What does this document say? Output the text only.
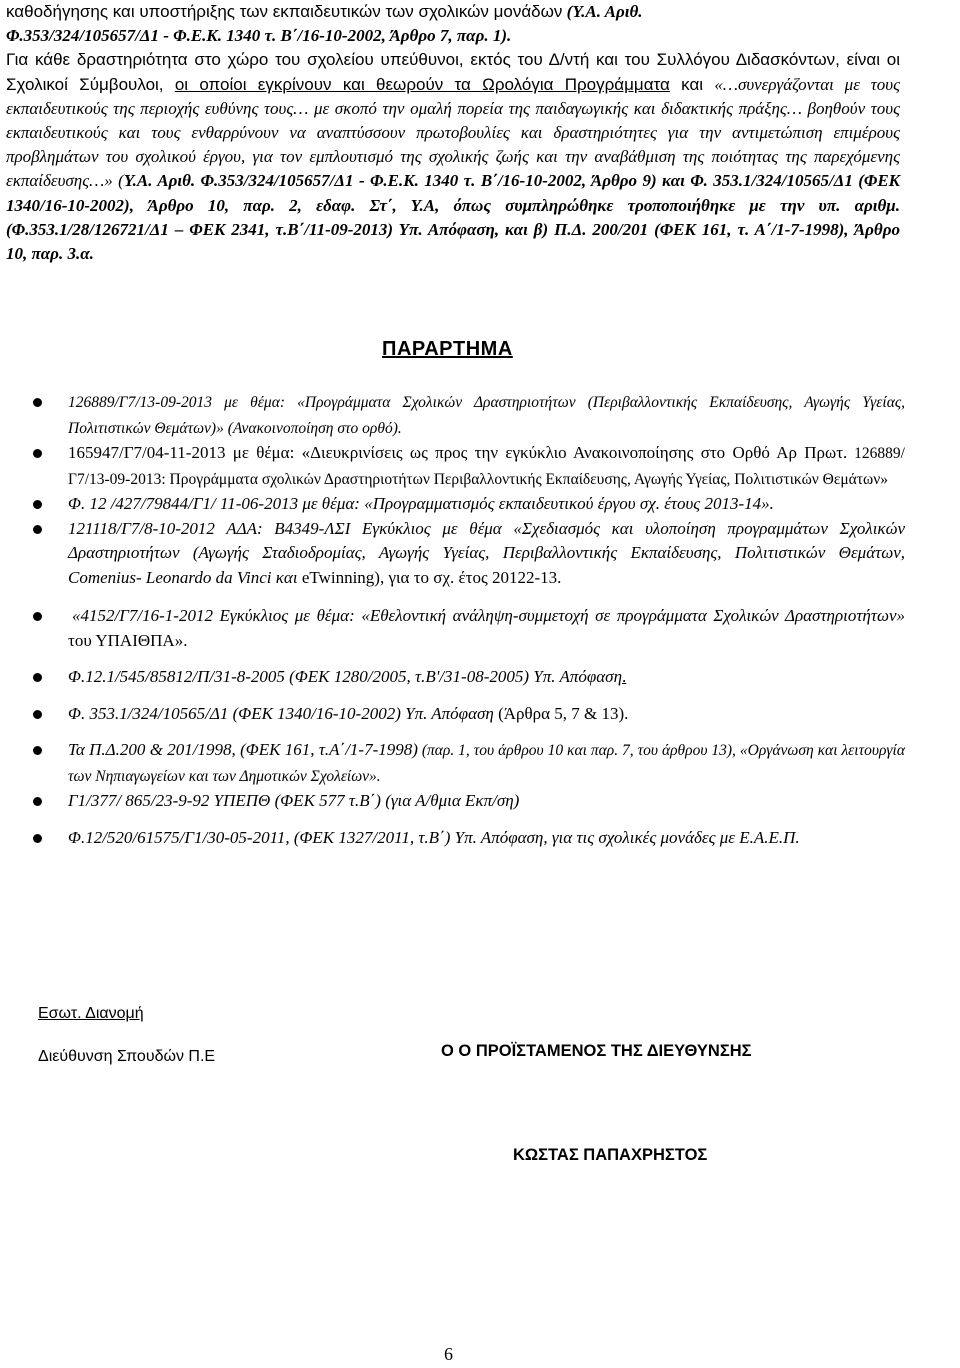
καθοδήγησης και υποστήριξης των εκπαιδευτικών των σχολικών μονάδων (Υ.Α. Αριθ.

Φ.353/324/105657/Δ1 - Φ.Ε.Κ. 1340 τ. Β΄/16-10-2002, Άρθρο 7, παρ. 1).

Για κάθε δραστηριότητα στο χώρο του σχολείου υπεύθυνοι, εκτός του Δ/ντή και του Συλλόγου Διδασκόντων, είναι οι Σχολικοί Σύμβουλοι, οι οποίοι εγκρίνουν και θεωρούν τα Ωρολόγια Προγράμματα και «…συνεργάζονται με τους εκπαιδευτικούς της περιοχής ευθύνης τους… με σκοπό την ομαλή πορεία της παιδαγωγικής και διδακτικής πράξης… βοηθούν τους εκπαιδευτικούς και τους ενθαρρύνουν να αναπτύσσουν πρωτοβουλίες και δραστηριότητες για την αντιμετώπιση επιμέρους προβλημάτων του σχολικού έργου, για τον εμπλουτισμό της σχολικής ζωής και την αναβάθμιση της ποιότητας της παρεχόμενης εκπαίδευσης…» (Υ.Α. Αριθ. Φ.353/324/105657/Δ1 - Φ.Ε.Κ. 1340 τ. Β΄/16-10-2002, Άρθρο 9) και Φ. 353.1/324/10565/Δ1 (ΦΕΚ 1340/16-10-2002), Άρθρο 10, παρ. 2, εδαφ. Στ΄, Υ.Α, όπως συμπληρώθηκε τροποποιήθηκε με την υπ. αριθμ. (Φ.353.1/28/126721/Δ1 – ΦΕΚ 2341, τ.Β΄/11-09-2013) Υπ. Απόφαση, και β) Π.Δ. 200/201 (ΦΕΚ 161, τ. Α΄/1-7-1998), Άρθρο 10, παρ. 3.α.

ΠΑΡΑΡΤΗΜΑ
126889/Γ7/13-09-2013 με θέμα: «Προγράμματα Σχολικών Δραστηριοτήτων (Περιβαλλοντικής Εκπαίδευσης, Αγωγής Υγείας, Πολιτιστικών Θεμάτων)» (Ανακοινοποίηση στο ορθό).
165947/Γ7/04-11-2013 με θέμα: «Διευκρινίσεις ως προς την εγκύκλιο Ανακοινοποίησης στο Ορθό Αρ Πρωτ. 126889/Γ7/13-09-2013: Προγράμματα σχολικών Δραστηριοτήτων Περιβαλλοντικής Εκπαίδευσης, Αγωγής Υγείας, Πολιτιστικών Θεμάτων»
Φ. 12 /427/79844/Γ1/ 11-06-2013 με θέμα: «Προγραμματισμός εκπαιδευτικού έργου σχ. έτους 2013-14».
121118/Γ7/8-10-2012 ΑΔΑ: Β4349-ΛΣΙ Εγκύκλιος με θέμα «Σχεδιασμός και υλοποίηση προγραμμάτων Σχολικών Δραστηριοτήτων (Αγωγής Σταδιοδρομίας, Αγωγής Υγείας, Περιβαλλοντικής Εκπαίδευσης, Πολιτιστικών Θεμάτων, Comenius- Leonardo da Vinci και eTwinning), για το σχ. έτος 20122-13.
«4152/Γ7/16-1-2012 Εγκύκλιος με θέμα: «Εθελοντική ανάληψη-συμμετοχή σε προγράμματα Σχολικών Δραστηριοτήτων» του ΥΠΑΙΘΠΑ».
Φ.12.1/545/85812/Π/31-8-2005 (ΦΕΚ 1280/2005, τ.Β'/31-08-2005) Υπ. Απόφαση.
Φ. 353.1/324/10565/Δ1 (ΦΕΚ 1340/16-10-2002) Υπ. Απόφαση (Άρθρα 5, 7 & 13).
Τα Π.Δ.200 & 201/1998, (ΦΕΚ 161, τ.Α΄/1-7-1998) (παρ. 1, του άρθρου 10 και παρ. 7, του άρθρου 13), «Οργάνωση και λειτουργία των Νηπιαγωγείων και των Δημοτικών Σχολείων».
Γ1/377/ 865/23-9-92 ΥΠΕΠΘ (ΦΕΚ 577 τ.Β΄) (για Α/θμια Εκπ/ση)
Φ.12/520/61575/Γ1/30-05-2011, (ΦΕΚ 1327/2011, τ.Β΄) Υπ. Απόφαση, για τις σχολικές μονάδες με Ε.Α.Ε.Π.
Εσωτ. Διανομή
Διεύθυνση Σπουδών Π.Ε	Ο Ο ΠΡΟΪΣΤΑΜΕΝΟΣ ΤΗΣ ΔΙΕΥΘΥΝΣΗΣ
ΚΩΣΤΑΣ ΠΑΠΑΧΡΗΣΤΟΣ
6
